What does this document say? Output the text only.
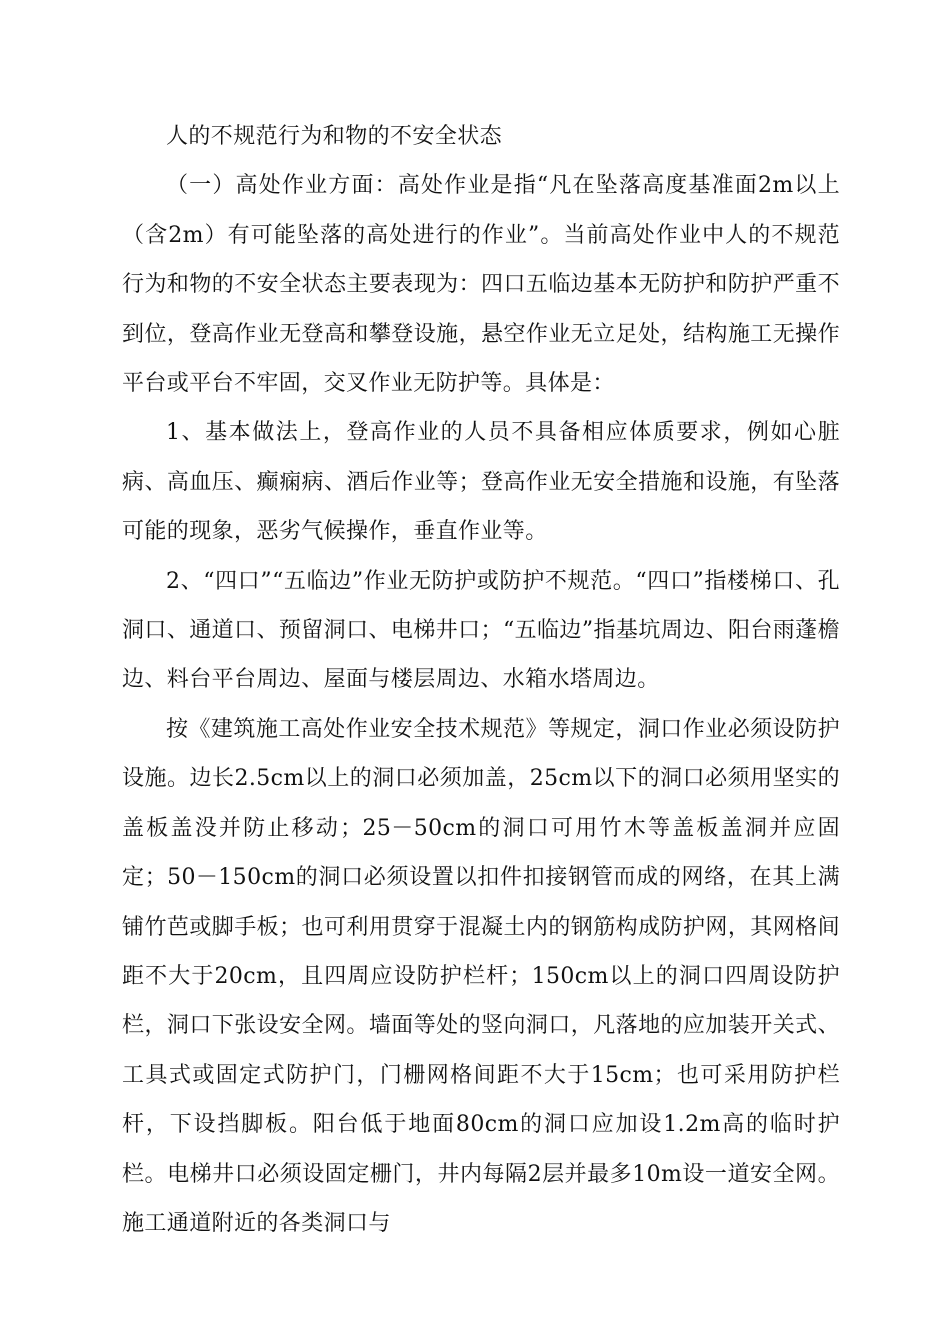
人的不规范行为和物的不安全状态

（一）高处作业方面：高处作业是指“凡在坠落高度基准面2m以上（含2m）有可能坠落的高处进行的作业”。当前高处作业中人的不规范行为和物的不安全状态主要表现为：四口五临边基本无防护和防护严重不到位，登高作业无登高和攀登设施，悬空作业无立足处，结构施工无操作平台或平台不牢固，交叉作业无防护等。具体是：

1、基本做法上，登高作业的人员不具备相应体质要求，例如心脏病、高血压、癫痫病、酒后作业等；登高作业无安全措施和设施，有坠落可能的现象，恶劣气候操作，垂直作业等。

2、“四口”“五临边”作业无防护或防护不规范。“四口”指楼梯口、孔洞口、通道口、预留洞口、电梯井口；“五临边”指基坑周边、阳台雨蓬檐边、料台平台周边、屋面与楼层周边、水箱水塔周边。

按《建筑施工高处作业安全技术规范》等规定，洞口作业必须设防护设施。边长2.5cm以上的洞口必须加盖，25cm以下的洞口必须用坚实的盖板盖没并防止移动；25－50cm的洞口可用竹木等盖板盖洞并应固定；50－150cm的洞口必须设置以扣件扣接钢管而成的网络，在其上满铺竹芭或脚手板；也可利用贯穿于混凝土内的钢筋构成防护网，其网格间距不大于20cm，且四周应设防护栏杆；150cm以上的洞口四周设防护栏，洞口下张设安全网。墙面等处的竖向洞口，凡落地的应加装开关式、工具式或固定式防护门，门栅网格间距不大于15cm；也可采用防护栏杆，下设挡脚板。阳台低于地面80cm的洞口应加设1.2m高的临时护栏。电梯井口必须设固定栅门，井内每隔2层并最多10m设一道安全网。施工通道附近的各类洞口与
